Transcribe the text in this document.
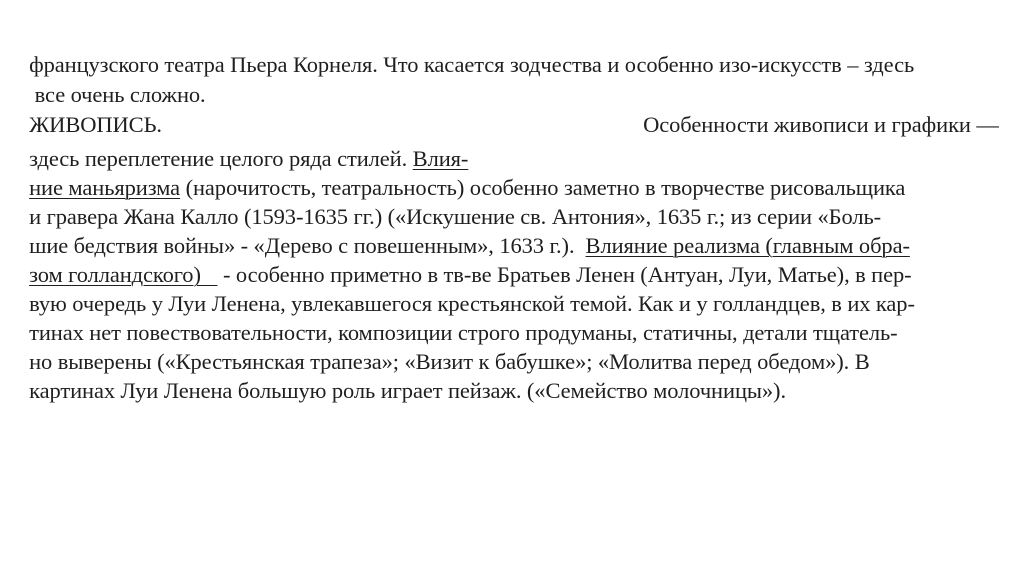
французского театра Пьера Корнеля. Что касается зодчества и особенно изо-искусств – здесь

все очень сложно.

ЖИВОПИСЬ.
	Особенности живописи и графики —

здесь переплетение целого ряда стилей. Влия-

ние маньяризма (нарочитость, театральность) особенно заметно в творчестве рисовальщика

и гравера Жана Калло (1593-1635 гг.) («Искушение св. Антония», 1635 г.; из серии «Боль-

шие бедствия войны» - «Дерево с повешенным», 1633 г.).  Влияние реализма (главным обра-

зом голландского)    - особенно приметно в тв-ве Братьев Ленен (Антуан, Луи, Матье), в пер-

вую очередь у Луи Ленена, увлекавшегося крестьянской темой. Как и у голландцев, в их кар-

тинах нет повествовательности, композиции строго продуманы, статичны, детали тщатель-

но выверены («Крестьянская трапеза»; «Визит к бабушке»; «Молитва перед обедом»). В

картинах Луи Ленена большую роль играет пейзаж. («Семейство молочницы»).
